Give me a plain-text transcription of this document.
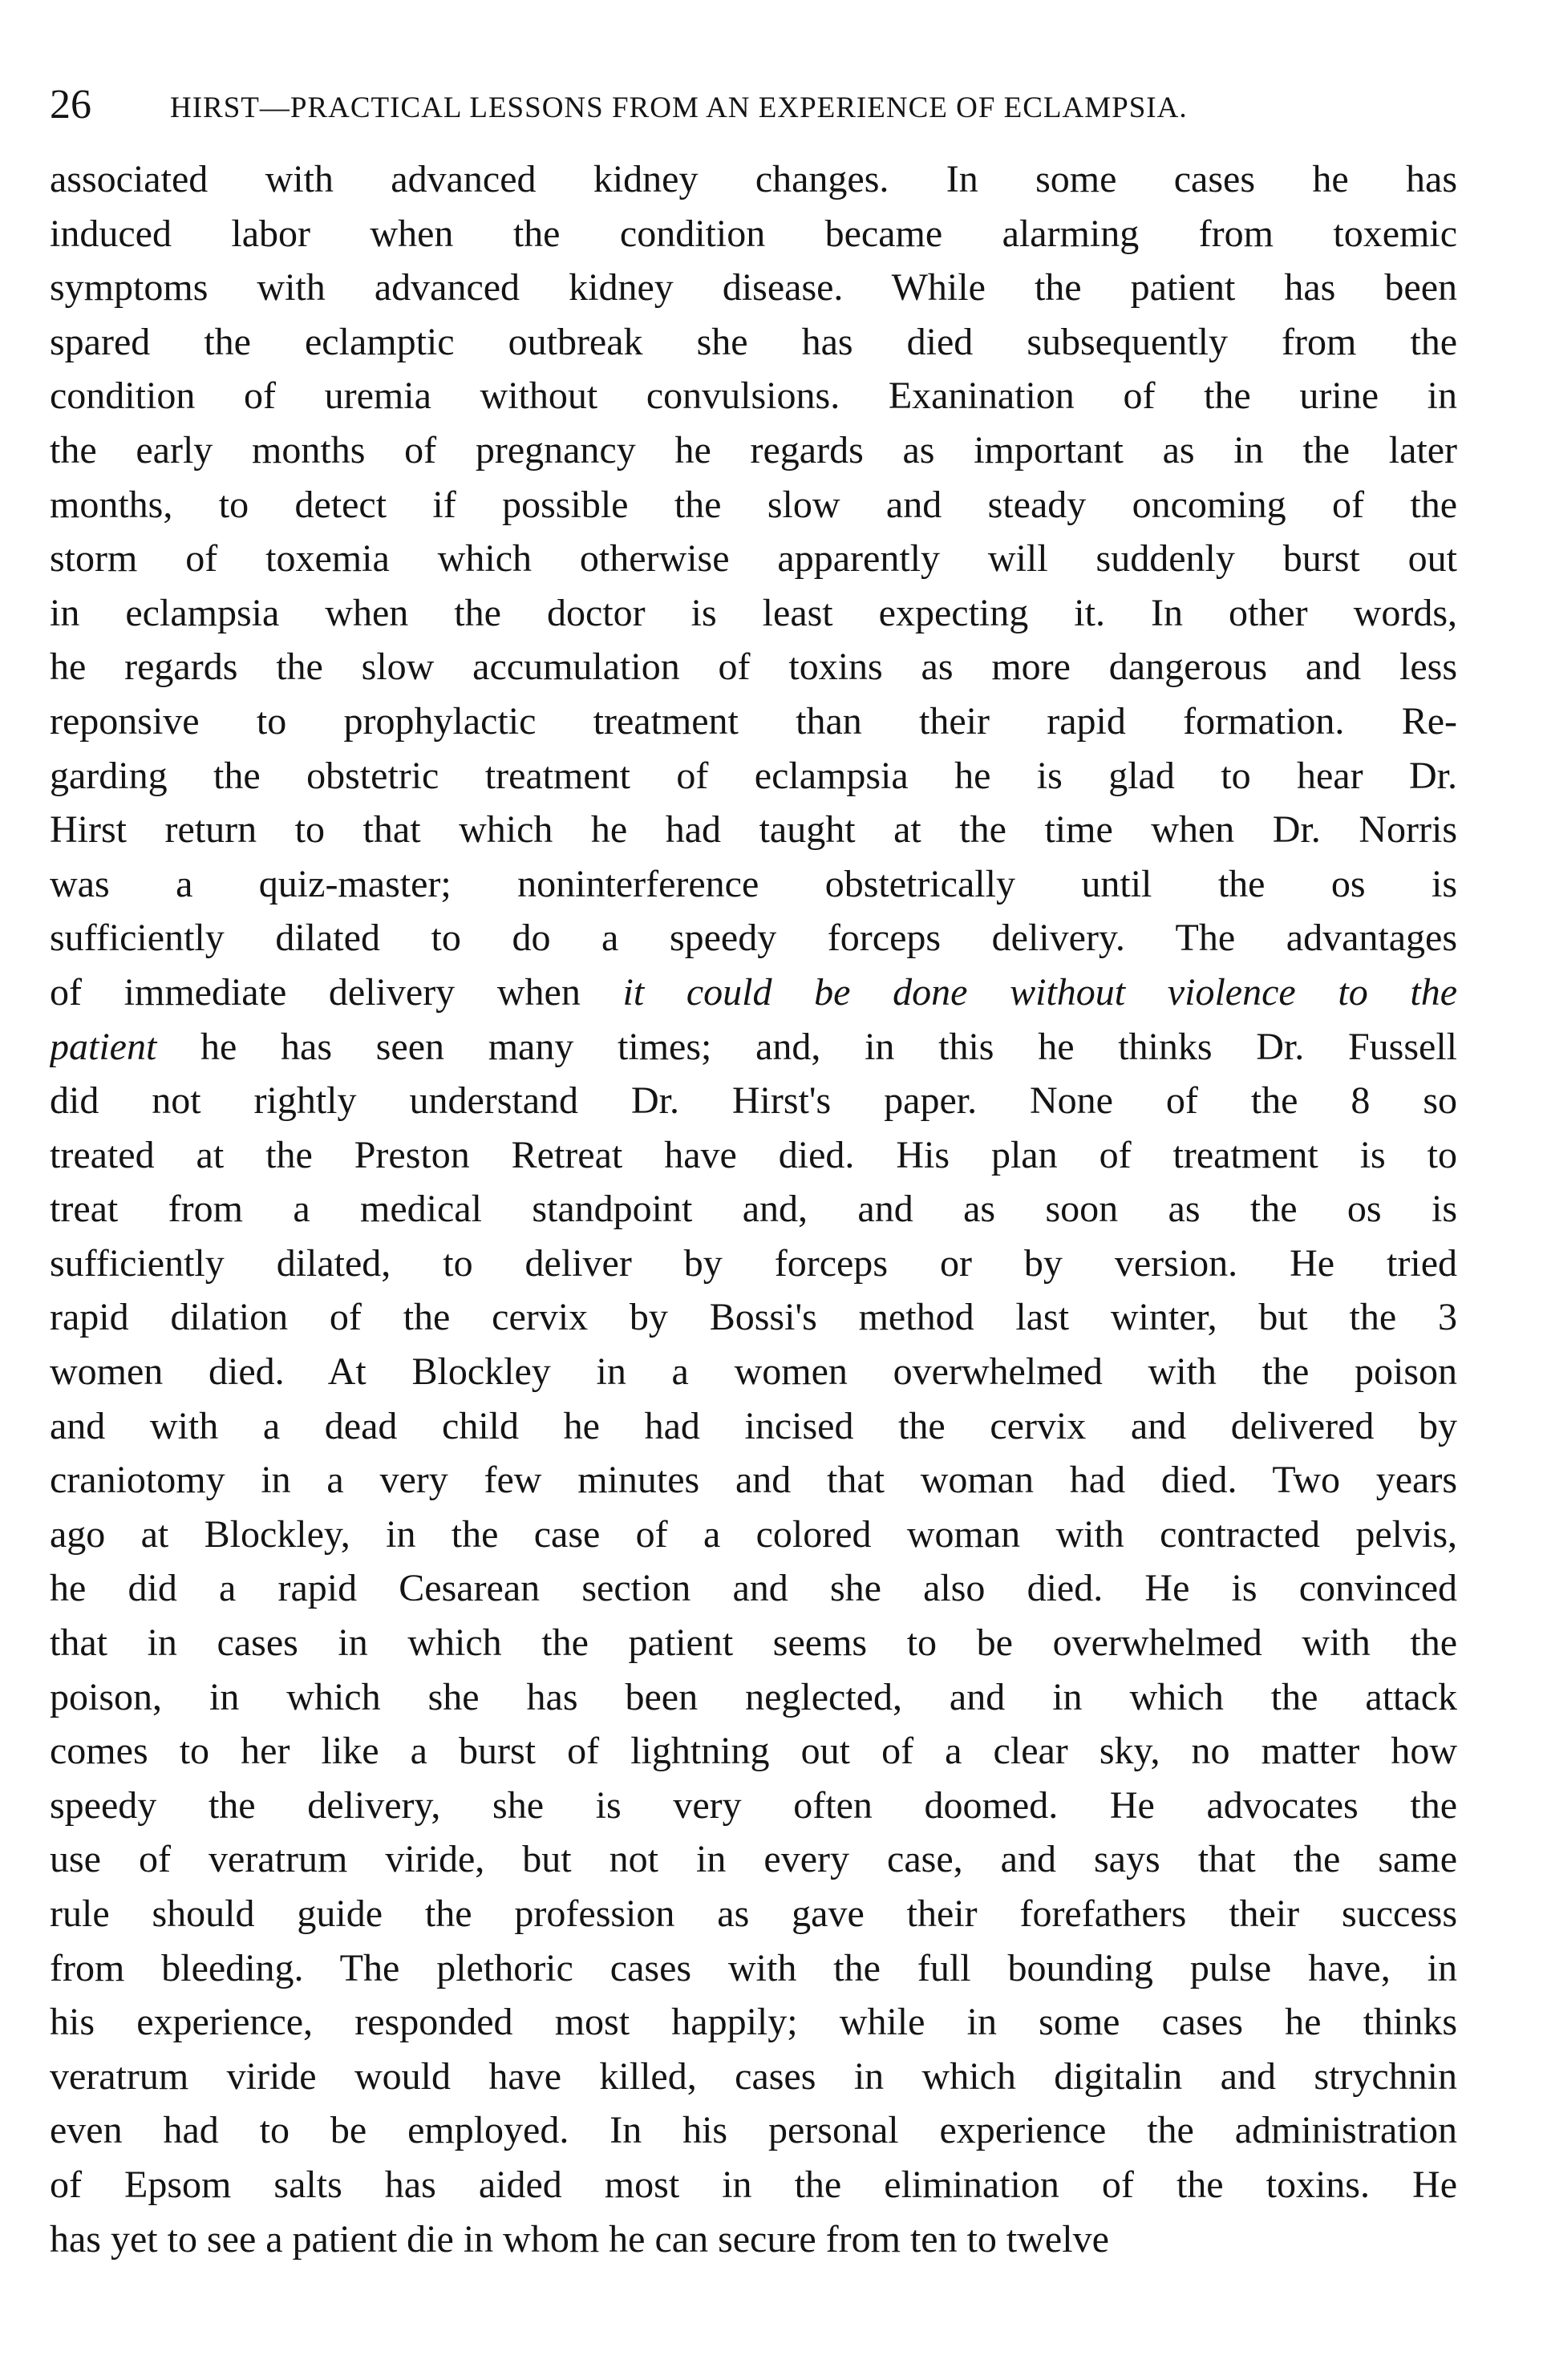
26	HIRST—PRACTICAL LESSONS FROM AN EXPERIENCE OF ECLAMPSIA.
associated with advanced kidney changes. In some cases he has
induced labor when the condition became alarming from toxemic
symptoms with advanced kidney disease. While the patient has been
spared the eclamptic outbreak she has died subsequently from the
condition of uremia without convulsions. Exanination of the urine in
the early months of pregnancy he regards as important as in the later
months, to detect if possible the slow and steady oncoming of the
storm of toxemia which otherwise apparently will suddenly burst out
in eclampsia when the doctor is least expecting it. In other words,
he regards the slow accumulation of toxins as more dangerous and less
reponsive to prophylactic treatment than their rapid formation. Re-
garding the obstetric treatment of eclampsia he is glad to hear Dr.
Hirst return to that which he had taught at the time when Dr. Norris
was a quiz-master; noninterference obstetrically until the os is
sufficiently dilated to do a speedy forceps delivery. The advantages
of immediate delivery when it could be done without violence to the
patient he has seen many times; and, in this he thinks Dr. Fussell
did not rightly understand Dr. Hirst's paper. None of the 8 so
treated at the Preston Retreat have died. His plan of treatment is to
treat from a medical standpoint and, and as soon as the os is
sufficiently dilated, to deliver by forceps or by version. He tried
rapid dilation of the cervix by Bossi's method last winter, but the 3
women died. At Blockley in a women overwhelmed with the poison
and with a dead child he had incised the cervix and delivered by
craniotomy in a very few minutes and that woman had died. Two years
ago at Blockley, in the case of a colored woman with contracted pelvis,
he did a rapid Cesarean section and she also died. He is convinced
that in cases in which the patient seems to be overwhelmed with the
poison, in which she has been neglected, and in which the attack
comes to her like a burst of lightning out of a clear sky, no matter how
speedy the delivery, she is very often doomed. He advocates the
use of veratrum viride, but not in every case, and says that the same
rule should guide the profession as gave their forefathers their success
from bleeding. The plethoric cases with the full bounding pulse have, in
his experience, responded most happily; while in some cases he thinks
veratrum viride would have killed, cases in which digitalin and strychnin
even had to be employed. In his personal experience the administration
of Epsom salts has aided most in the elimination of the toxins. He
has yet to see a patient die in whom he can secure from ten to twelve
